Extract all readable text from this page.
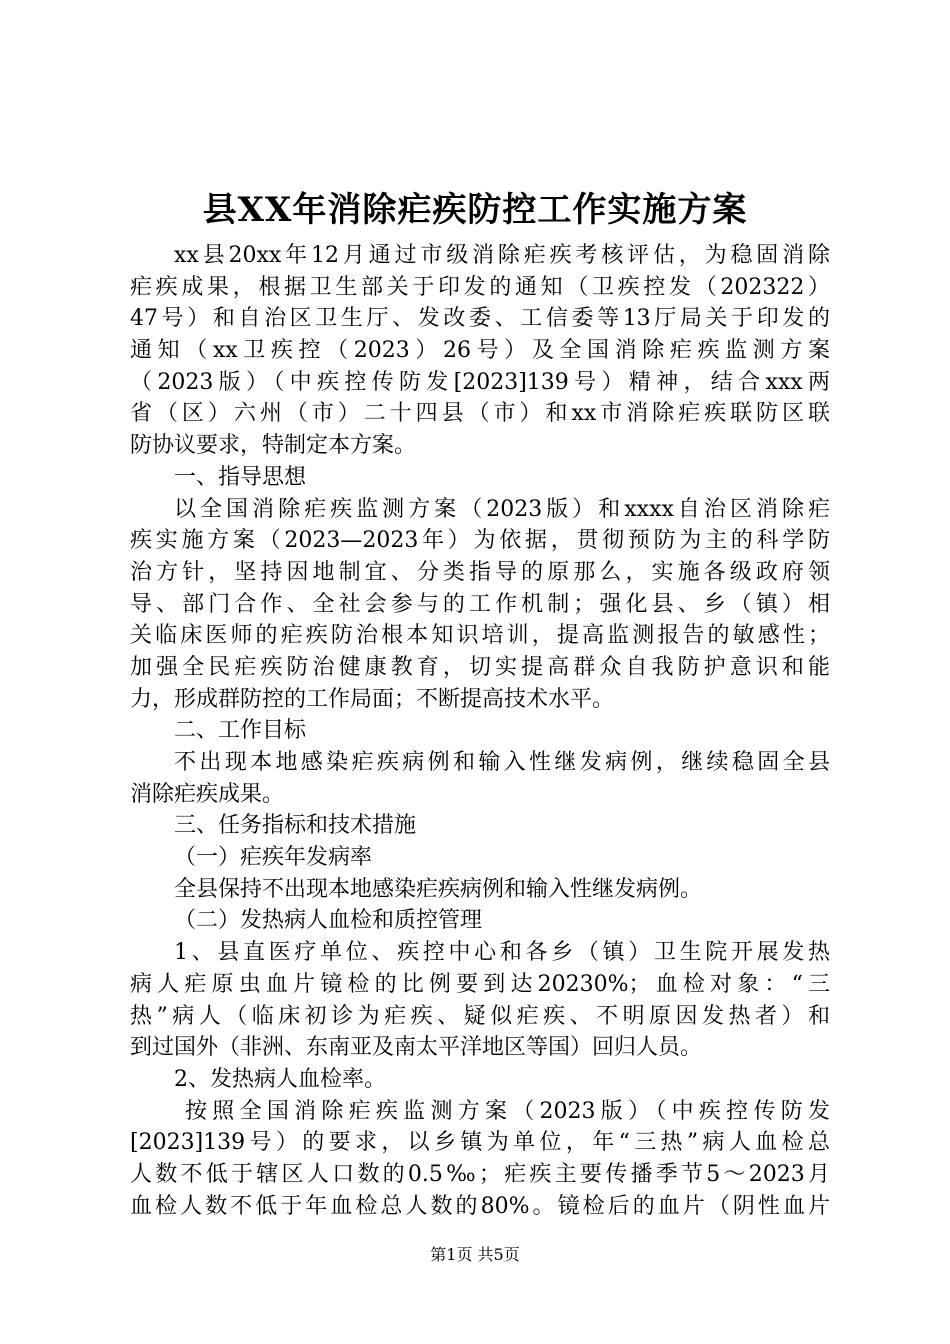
县XX年消除疟疾防控工作实施方案
xx县20xx年12月通过市级消除疟疾考核评估，为稳固消除
疟疾成果，根据卫生部关于印发的通知（卫疾控发（202322）
47号）和自治区卫生厅、发改委、工信委等13厅局关于印发的
通知（xx卫疾控（2023）26号）及全国消除疟疾监测方案
（2023版）（中疾控传防发[2023]139号）精神，结合xxx两
省（区）六州（市）二十四县（市）和xx市消除疟疾联防区联
防协议要求，特制定本方案。
一、指导思想
以全国消除疟疾监测方案（2023版）和xxxx自治区消除疟
疾实施方案（2023—2023年）为依据，贯彻预防为主的科学防
治方针，坚持因地制宜、分类指导的原那么，实施各级政府领
导、部门合作、全社会参与的工作机制；强化县、乡（镇）相
关临床医师的疟疾防治根本知识培训，提高监测报告的敏感性；
加强全民疟疾防治健康教育，切实提高群众自我防护意识和能
力，形成群防控的工作局面；不断提高技术水平。
二、工作目标
不出现本地感染疟疾病例和输入性继发病例，继续稳固全县
消除疟疾成果。
三、任务指标和技术措施
（一）疟疾年发病率
全县保持不出现本地感染疟疾病例和输入性继发病例。
（二）发热病人血检和质控管理
1、县直医疗单位、疾控中心和各乡（镇）卫生院开展发热
病人疟原虫血片镜检的比例要到达20230%；血检对象：“三
热”病人（临床初诊为疟疾、疑似疟疾、不明原因发热者）和
到过国外（非洲、东南亚及南太平洋地区等国）回归人员。
2、发热病人血检率。
按照全国消除疟疾监测方案（2023版）（中疾控传防发
[2023]139号）的要求，以乡镇为单位，年“三热”病人血检总
人数不低于辖区人口数的0.5‰；疟疾主要传播季节5～2023月
血检人数不低于年血检总人数的80%。镜检后的血片（阴性血片
第1页 共5页
